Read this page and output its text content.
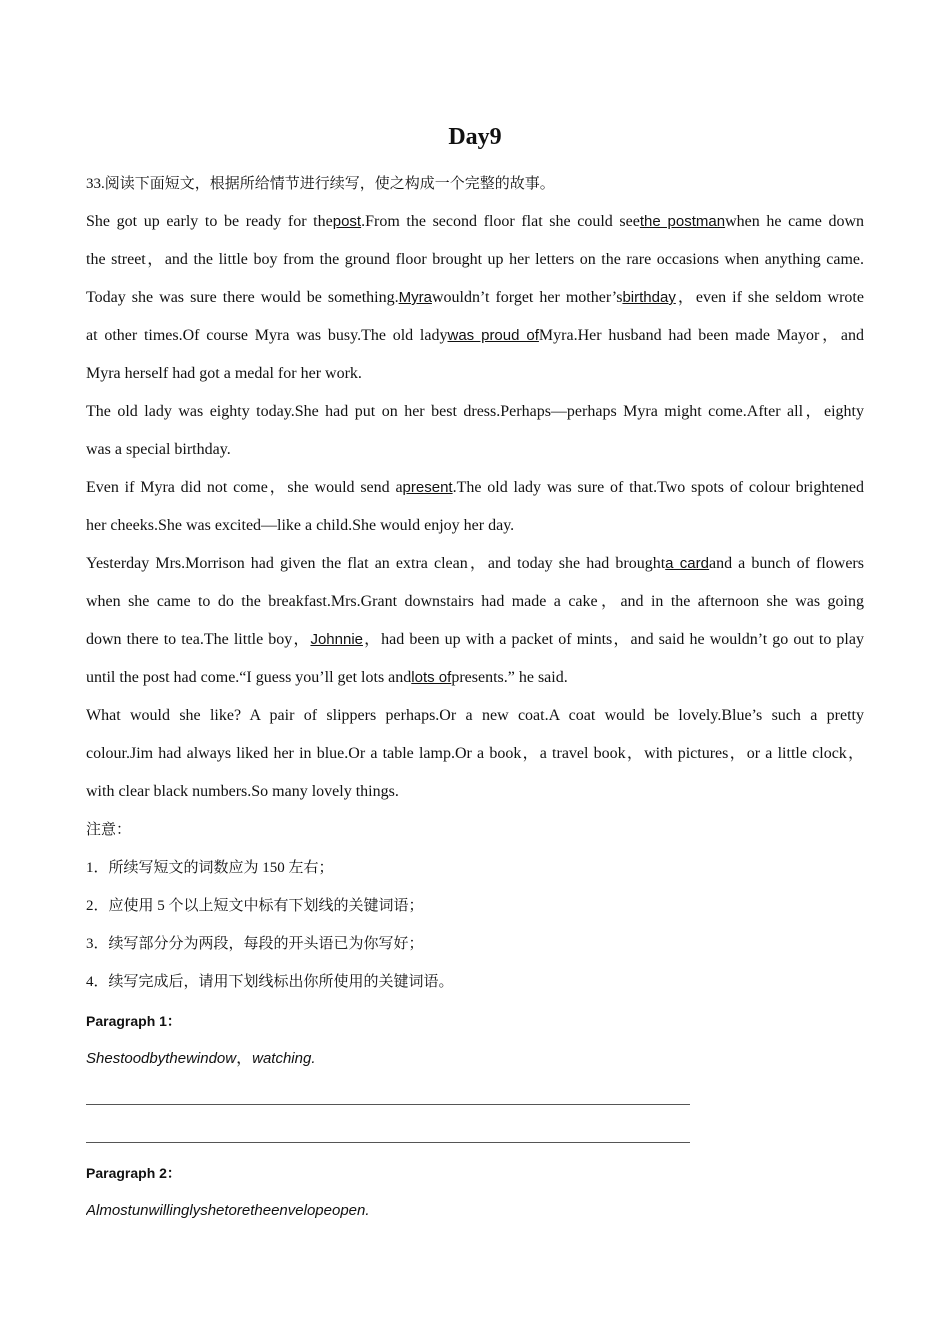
Day9
33.阅读下面短文，根据所给情节进行续写，使之构成一个完整的故事。
She got up early to be ready for thepost.From the second floor flat she could seethe postmanwhen he came down
the street，and the little boy from the ground floor brought up her letters on the rare occasions when anything came.
Today she was sure there would be something.Myrawouldn’t forget her mother’sbirthday，even if she seldom wrote
at other times.Of course Myra was busy.The old ladywas proud ofMyra.Her husband had been made Mayor，and
Myra herself had got a medal for her work.
The old lady was eighty today.She had put on her best dress.Perhaps—perhaps Myra might come.After all，eighty
was a special birthday.
Even if Myra did not come，she would send apresent.The old lady was sure of that.Two spots of colour brightened
her cheeks.She was excited—like a child.She would enjoy her day.
Yesterday Mrs.Morrison had given the flat an extra clean，and today she had broughta cardand a bunch of flowers
when she came to do the breakfast.Mrs.Grant downstairs had made a cake，and in the afternoon she was going
down there to tea.The little boy，Johnnie，had been up with a packet of mints，and said he wouldn’t go out to play
until the post had come.“I guess you’ll get lots andlots ofpresents.” he said.
What would she like? A pair of slippers perhaps.Or a new coat.A coat would be lovely.Blue’s such a pretty
colour.Jim had always liked her in blue.Or a table lamp.Or a book，a travel book，with pictures，or a little clock，
with clear black numbers.So many lovely things.
注意：
1．所续写短文的词数应为 150 左右；
2．应使用 5 个以上短文中标有下划线的关键词语；
3．续写部分分为两段，每段的开头语已为你写好；
4．续写完成后，请用下划线标出你所使用的关键词语。
Paragraph 1：
Shestoodbythewindow，watching.
Paragraph 2：
Almostunwillinglyshetoretheenvelopeopen.
